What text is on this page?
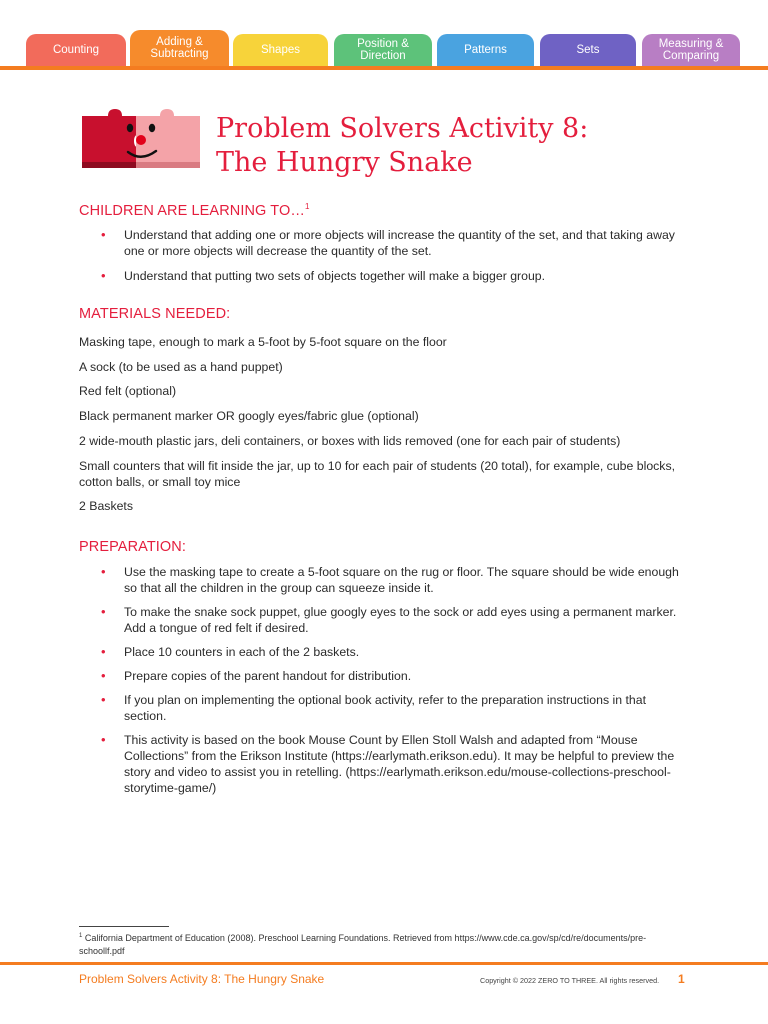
Counting
Adding &
Subtracting	Shapes	Position &
Direction	Patterns	Sets	Measuring &
Comparing
Problem Solvers Activity 8:
The Hungry Snake
CHILDREN ARE LEARNING TO…$^1$
• Understand that adding one or more objects will increase the quantity of the set, and that taking away one or more objects will decrease the quantity of the set.
• Understand that putting two sets of objects together will make a bigger group.
MATERIALS NEEDED:
Masking tape, enough to mark a 5-foot by 5-foot square on the floor
A sock (to be used as a hand puppet)
Red felt (optional)
Black permanent marker OR googly eyes/fabric glue (optional)
2 wide-mouth plastic jars, deli containers, or boxes with lids removed (one for each pair of students)
Small counters that will fit inside the jar, up to 10 for each pair of students (20 total), for example, cube blocks, cotton balls, or small toy mice
2 Baskets
PREPARATION:
• Use the masking tape to create a 5-foot square on the rug or floor. The square should be wide enough so that all the children in the group can squeeze inside it.
• To make the snake sock puppet, glue googly eyes to the sock or add eyes using a permanent marker. Add a tongue of red felt if desired.
• Place 10 counters in each of the 2 baskets.
• Prepare copies of the parent handout for distribution.
• If you plan on implementing the optional book activity, refer to the preparation instructions in that section.
• This activity is based on the book Mouse Count by Ellen Stoll Walsh and adapted from “Mouse Collections” from the Erikson Institute (https://earlymath.erikson.edu). It may be helpful to preview the story and video to assist you in retelling. (https://earlymath.erikson.edu/mouse-collections-preschool-storytime-game/)
$^1$ California Department of Education (2008). Preschool Learning Foundations. Retrieved from https://www.cde.ca.gov/sp/cd/re/documents/pre-schoollf.pdf
Problem Solvers Activity 8: The Hungry Snake	Copyright © 2022 ZERO TO THREE. All rights reserved. 1
